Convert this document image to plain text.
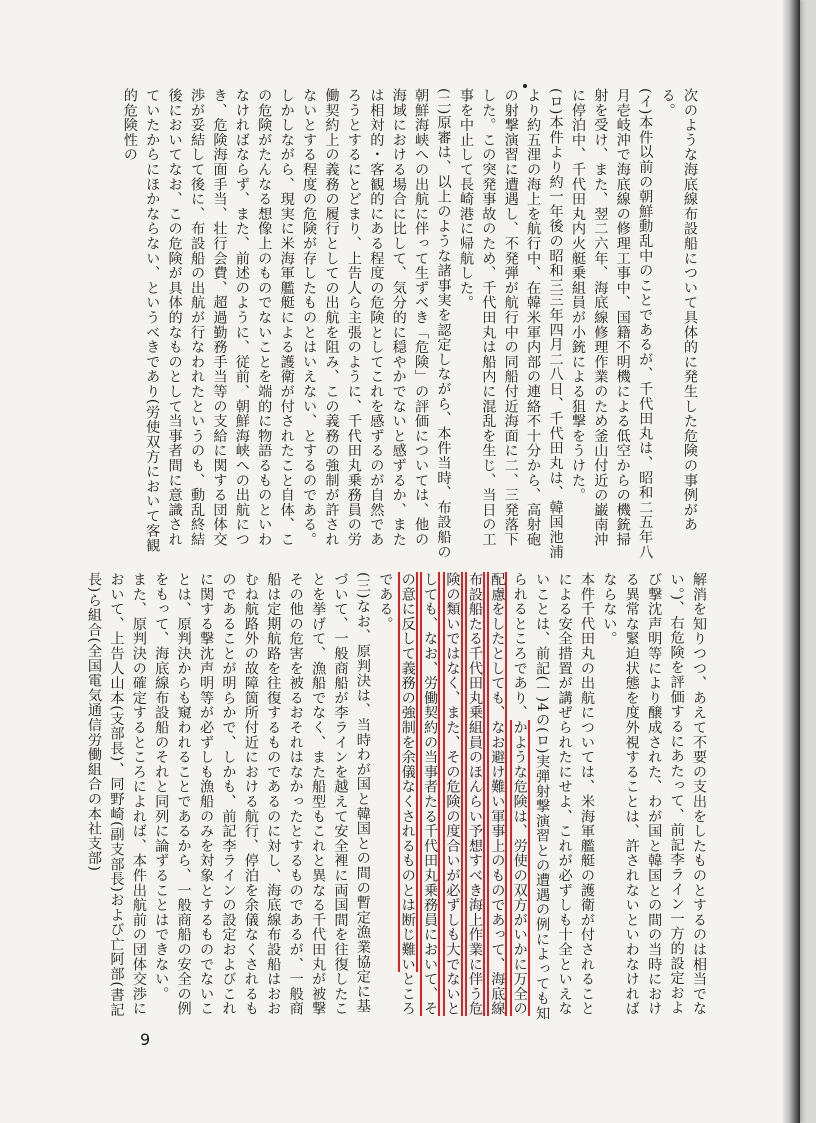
次のような海底線布設船について具体的に発生した危険の事例がある。

(イ)本件以前の朝鮮動乱中のことであるが、千代田丸は、昭和二五年八月壱岐沖で海底線の修理工事中、国籍不明機による低空からの機銃掃射を受け、また、翌二六年、海底線修理作業のため釜山付近の巌南沖に停泊中、千代田丸内火艇乗組員が小銃による狙撃をうけた。

(ロ)本件より約一年後の昭和三三年四月二八日、千代田丸は、韓国池浦より約五浬の海上を航行中、在韓米軍内部の連絡不十分から、高射砲の射撃演習に遭遇し、不発弾が航行中の同船付近海面に二、三発落下した。この突発事故のため、千代田丸は船内に混乱を生じ、当日の工事を中止して長崎港に帰航した。

(二)原審は、以上のような諸事実を認定しながら、本件当時、布設船の朝鮮海峡への出航に伴って生ずべき「危険」の評価については、他の海域における場合に比して、気分的に穏やかでないと感ずるか、または相対的・客観的にある程度の危険としてこれを感ずるのが自然であろうとするにとどまり、上告人ら主張のように、千代田丸乗務員の労働契約上の義務の履行としての出航を阻み、この義務の強制が許されないとする程度の危険が存したものとはいえない、とするのである。

しかしながら、現実に米海軍艦艇による護衛が付されたこと自体、この危険がたんなる想像上のものでないことを端的に物語るものといわなければならず、また、前述のように、従前、朝鮮海峡への出航につき、危険海面手当、壮行会費、超過勤務手当等の支給に関する団体交渉が妥結して後に、布設船の出航が行なわれたというのも、動乱終結後においてなお、この危険が具体的なものとして当事者間に意識されていたからにほかならない、というべきであり(労使双方において客観的危険性の

解消を知りつつ、あえて不要の支出をしたものとするのは相当でない。)、右危険を評価するにあたって、前記李ライン一方的設定および撃沈声明等により醸成された、わが国と韓国との間の当時における異常な緊迫状態を度外視することは、許されないといわなければならない。

本件千代田丸の出航については、米海軍艦艇の護衛が付されることによる安全措置が講ぜられたにせよ、これが必ずしも十全といえないことは、前記(一)4の(ロ)実弾射撃演習との遭遇の例によっても知られるところであり、かような危険は、労使の双方がいかに万全の配慮をしたとしても、なお避け難い軍事上のものであって、海底線布設船たる千代田丸乗組員のほんらい予想すべき海上作業に伴う危険の類いではなく、また、その危険の度合いが必ずしも大でないとしても、なお、労働契約の当事者たる千代田丸乗務員において、その意に反して義務の強制を余儀なくされるものとは断じ難いところである。

(三)なお、原判決は、当時わが国と韓国との間の暫定漁業協定に基づいて、一般商船が李ラインを越えて安全裡に両国間を往復したことを挙げて、漁船でなく、また船型もこれと異なる千代田丸が被撃その他の危害を被るおそれはなかったとするものであるが、一般商船は定期航路を往復するものであるのに対し、海底線布設船はおおむね航路外の故障箇所付近における航行、停泊を余儀なくされるものであることが明らかで、しかも、前記李ラインの設定およびこれに関する撃沈声明等が必ずしも漁船のみを対象とするものでないことは、原判決からも窺われることであるから、一般商船の安全の例をもって、海底線布設船のそれと同列に論ずることはできない。

また、原判決の確定するところによれば、本件出航前の団体交渉において、上告人山本(支部長)、同野崎(副支部長)および亡阿部(書記長)ら組合(全国電気通信労働組合の本社支部)

9
